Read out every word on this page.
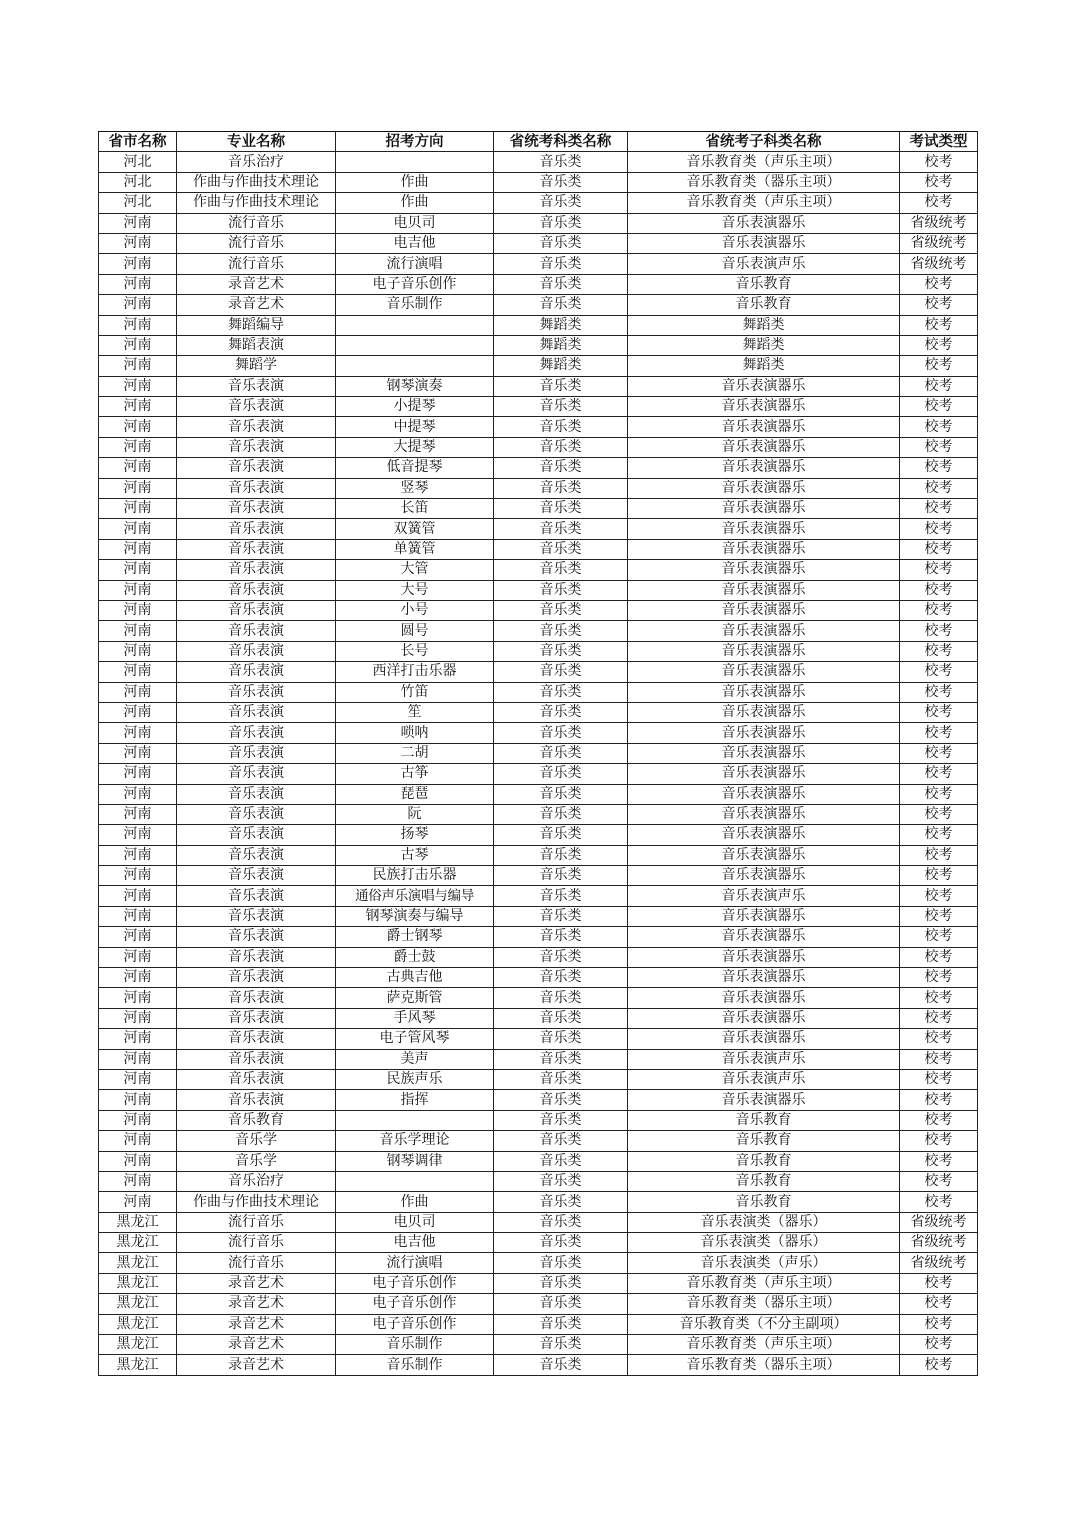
省市名称	专业名称	招考方向	省统考科类名称	省统考子科类名称	考试类型
河北	音乐治疗		音乐类	音乐教育类（声乐主项）	校考
河北	作曲与作曲技术理论	作曲	音乐类	音乐教育类（器乐主项）	校考
河北	作曲与作曲技术理论	作曲	音乐类	音乐教育类（声乐主项）	校考
河南	流行音乐	电贝司	音乐类	音乐表演器乐	省级统考
河南	流行音乐	电吉他	音乐类	音乐表演器乐	省级统考
河南	流行音乐	流行演唱	音乐类	音乐表演声乐	省级统考
河南	录音艺术	电子音乐创作	音乐类	音乐教育	校考
河南	录音艺术	音乐制作	音乐类	音乐教育	校考
河南	舞蹈编导		舞蹈类	舞蹈类	校考
河南	舞蹈表演		舞蹈类	舞蹈类	校考
河南	舞蹈学		舞蹈类	舞蹈类	校考
河南	音乐表演	钢琴演奏	音乐类	音乐表演器乐	校考
河南	音乐表演	小提琴	音乐类	音乐表演器乐	校考
河南	音乐表演	中提琴	音乐类	音乐表演器乐	校考
河南	音乐表演	大提琴	音乐类	音乐表演器乐	校考
河南	音乐表演	低音提琴	音乐类	音乐表演器乐	校考
河南	音乐表演	竖琴	音乐类	音乐表演器乐	校考
河南	音乐表演	长笛	音乐类	音乐表演器乐	校考
河南	音乐表演	双簧管	音乐类	音乐表演器乐	校考
河南	音乐表演	单簧管	音乐类	音乐表演器乐	校考
河南	音乐表演	大管	音乐类	音乐表演器乐	校考
河南	音乐表演	大号	音乐类	音乐表演器乐	校考
河南	音乐表演	小号	音乐类	音乐表演器乐	校考
河南	音乐表演	圆号	音乐类	音乐表演器乐	校考
河南	音乐表演	长号	音乐类	音乐表演器乐	校考
河南	音乐表演	西洋打击乐器	音乐类	音乐表演器乐	校考
河南	音乐表演	竹笛	音乐类	音乐表演器乐	校考
河南	音乐表演	笙	音乐类	音乐表演器乐	校考
河南	音乐表演	唢呐	音乐类	音乐表演器乐	校考
河南	音乐表演	二胡	音乐类	音乐表演器乐	校考
河南	音乐表演	古筝	音乐类	音乐表演器乐	校考
河南	音乐表演	琵琶	音乐类	音乐表演器乐	校考
河南	音乐表演	阮	音乐类	音乐表演器乐	校考
河南	音乐表演	扬琴	音乐类	音乐表演器乐	校考
河南	音乐表演	古琴	音乐类	音乐表演器乐	校考
河南	音乐表演	民族打击乐器	音乐类	音乐表演器乐	校考
河南	音乐表演	通俗声乐演唱与编导	音乐类	音乐表演声乐	校考
河南	音乐表演	钢琴演奏与编导	音乐类	音乐表演器乐	校考
河南	音乐表演	爵士钢琴	音乐类	音乐表演器乐	校考
河南	音乐表演	爵士鼓	音乐类	音乐表演器乐	校考
河南	音乐表演	古典吉他	音乐类	音乐表演器乐	校考
河南	音乐表演	萨克斯管	音乐类	音乐表演器乐	校考
河南	音乐表演	手风琴	音乐类	音乐表演器乐	校考
河南	音乐表演	电子管风琴	音乐类	音乐表演器乐	校考
河南	音乐表演	美声	音乐类	音乐表演声乐	校考
河南	音乐表演	民族声乐	音乐类	音乐表演声乐	校考
河南	音乐表演	指挥	音乐类	音乐表演器乐	校考
河南	音乐教育		音乐类	音乐教育	校考
河南	音乐学	音乐学理论	音乐类	音乐教育	校考
河南	音乐学	钢琴调律	音乐类	音乐教育	校考
河南	音乐治疗		音乐类	音乐教育	校考
河南	作曲与作曲技术理论	作曲	音乐类	音乐教育	校考
黑龙江	流行音乐	电贝司	音乐类	音乐表演类（器乐）	省级统考
黑龙江	流行音乐	电吉他	音乐类	音乐表演类（器乐）	省级统考
黑龙江	流行音乐	流行演唱	音乐类	音乐表演类（声乐）	省级统考
黑龙江	录音艺术	电子音乐创作	音乐类	音乐教育类（声乐主项）	校考
黑龙江	录音艺术	电子音乐创作	音乐类	音乐教育类（器乐主项）	校考
黑龙江	录音艺术	电子音乐创作	音乐类	音乐教育类（不分主副项）	校考
黑龙江	录音艺术	音乐制作	音乐类	音乐教育类（声乐主项）	校考
黑龙江	录音艺术	音乐制作	音乐类	音乐教育类（器乐主项）	校考
